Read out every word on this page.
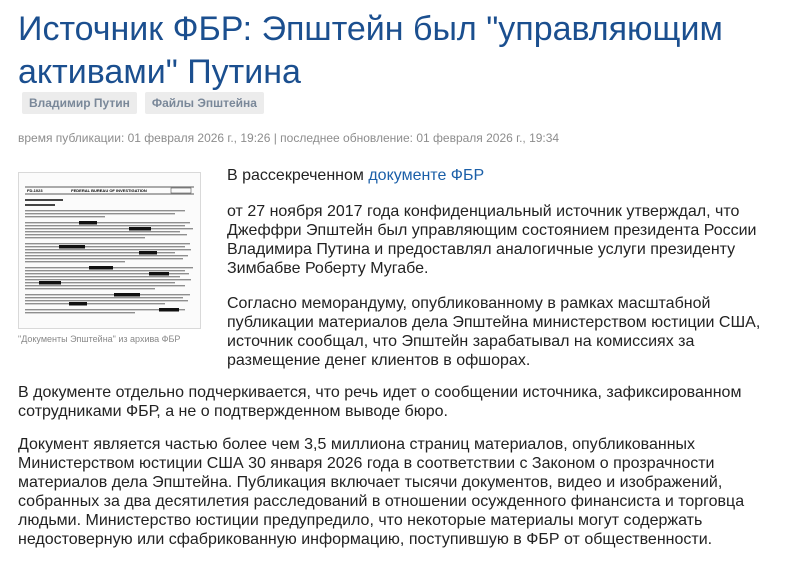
Источник ФБР: Эпштейн был "управляющим активами" Путина
Владимир Путин	Файлы Эпштейна
время публикации: 01 февраля 2026 г., 19:26 | последнее обновление: 01 февраля 2026 г., 19:34
FD-1023	FEDERAL BUREAU OF INVESTIGATION
"Документы Эпштейна" из архива ФБР

В рассекреченном документе ФБР

от 27 ноября 2017 года конфиденциальный источник утверждал, что Джеффри Эпштейн был управляющим состоянием президента России Владимира Путина и предоставлял аналогичные услуги президенту Зимбабве Роберту Мугабе.

Согласно меморандуму, опубликованному в рамках масштабной публикации материалов дела Эпштейна министерством юстиции США, источник сообщал, что Эпштейн зарабатывал на комиссиях за размещение денег клиентов в офшорах.

В документе отдельно подчеркивается, что речь идет о сообщении источника, зафиксированном сотрудниками ФБР, а не о подтвержденном выводе бюро.

Документ является частью более чем 3,5 миллиона страниц материалов, опубликованных Министерством юстиции США 30 января 2026 года в соответствии с Законом о прозрачности материалов дела Эпштейна. Публикация включает тысячи документов, видео и изображений, собранных за два десятилетия расследований в отношении осужденного финансиста и торговца людьми. Министерство юстиции предупредило, что некоторые материалы могут содержать недостоверную или сфабрикованную информацию, поступившую в ФБР от общественности.
